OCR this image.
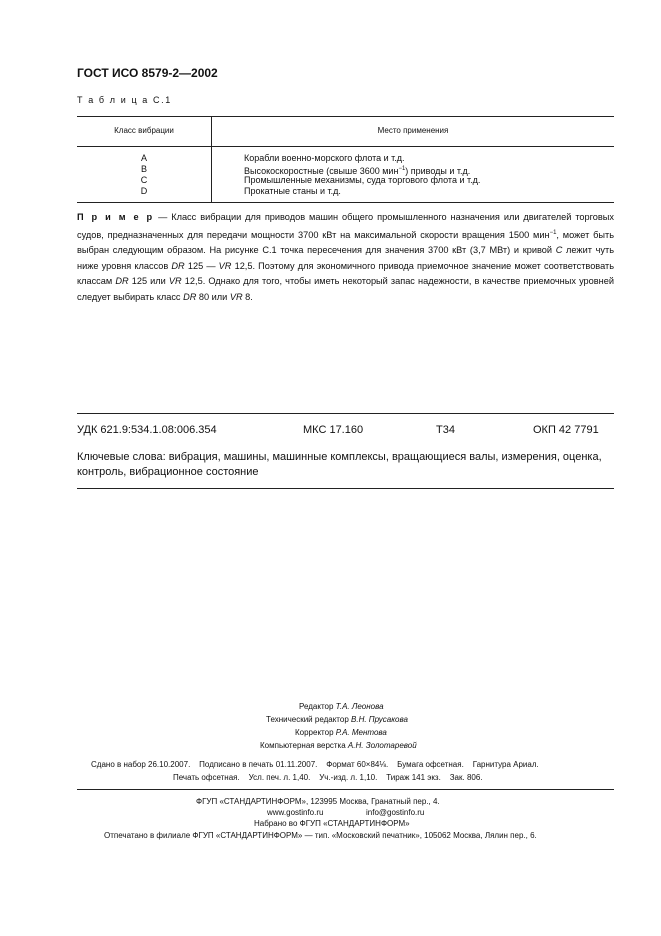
ГОСТ ИСО 8579-2—2002
Т а б л и ц а С.1
Класс вибрации	Место применения
A	Корабли военно-морского флота и т.д.
B	Высокоскоростные (свыше 3600 мин$^{-1}$) приводы и т.д.
C	Промышленные механизмы, суда торгового флота и т.д.
D	Прокатные станы и т.д.
П р и м е р — Класс вибрации для приводов машин общего промышленного назначения или двигателей торговых судов, предназначенных для передачи мощности 3700 кВт на максимальной скорости вращения 1500 мин$^{-1}$, может быть выбран следующим образом. На рисунке С.1 точка пересечения для значения 3700 кВт (3,7 МВт) и кривой C лежит чуть ниже уровня классов DR 125 — VR 12,5. Поэтому для экономичного привода приемочное значение может соответствовать классам DR 125 или VR 12,5. Однако для того, чтобы иметь некоторый запас надежности, в качестве приемочных уровней следует выбирать класс DR 80 или VR 8.
УДК 621.9:534.1.08:006.354	МКС 17.160	Т34	ОКП 42 7791
Ключевые слова: вибрация, машины, машинные комплексы, вращающиеся валы, измерения, оценка, контроль, вибрационное состояние
Редактор Т.А. Леонова
Технический редактор В.Н. Прусакова
Корректор Р.А. Ментова
Компьютерная верстка А.Н. Золотаревой
Сдано в набор 26.10.2007.    Подписано в печать 01.11.2007.    Формат 60×84⅛.    Бумага офсетная.    Гарнитура Ариал.
Печать офсетная.    Усл. печ. л. 1,40.    Уч.-изд. л. 1,10.    Тираж 141 экз.    Зак. 806.
ФГУП «СТАНДАРТИНФОРМ», 123995 Москва, Гранатный пер., 4.
www.gostinfo.ru	info@gostinfo.ru
Набрано во ФГУП «СТАНДАРТИНФОРМ»
Отпечатано в филиале ФГУП «СТАНДАРТИНФОРМ» — тип. «Московский печатник», 105062 Москва, Лялин пер., 6.
